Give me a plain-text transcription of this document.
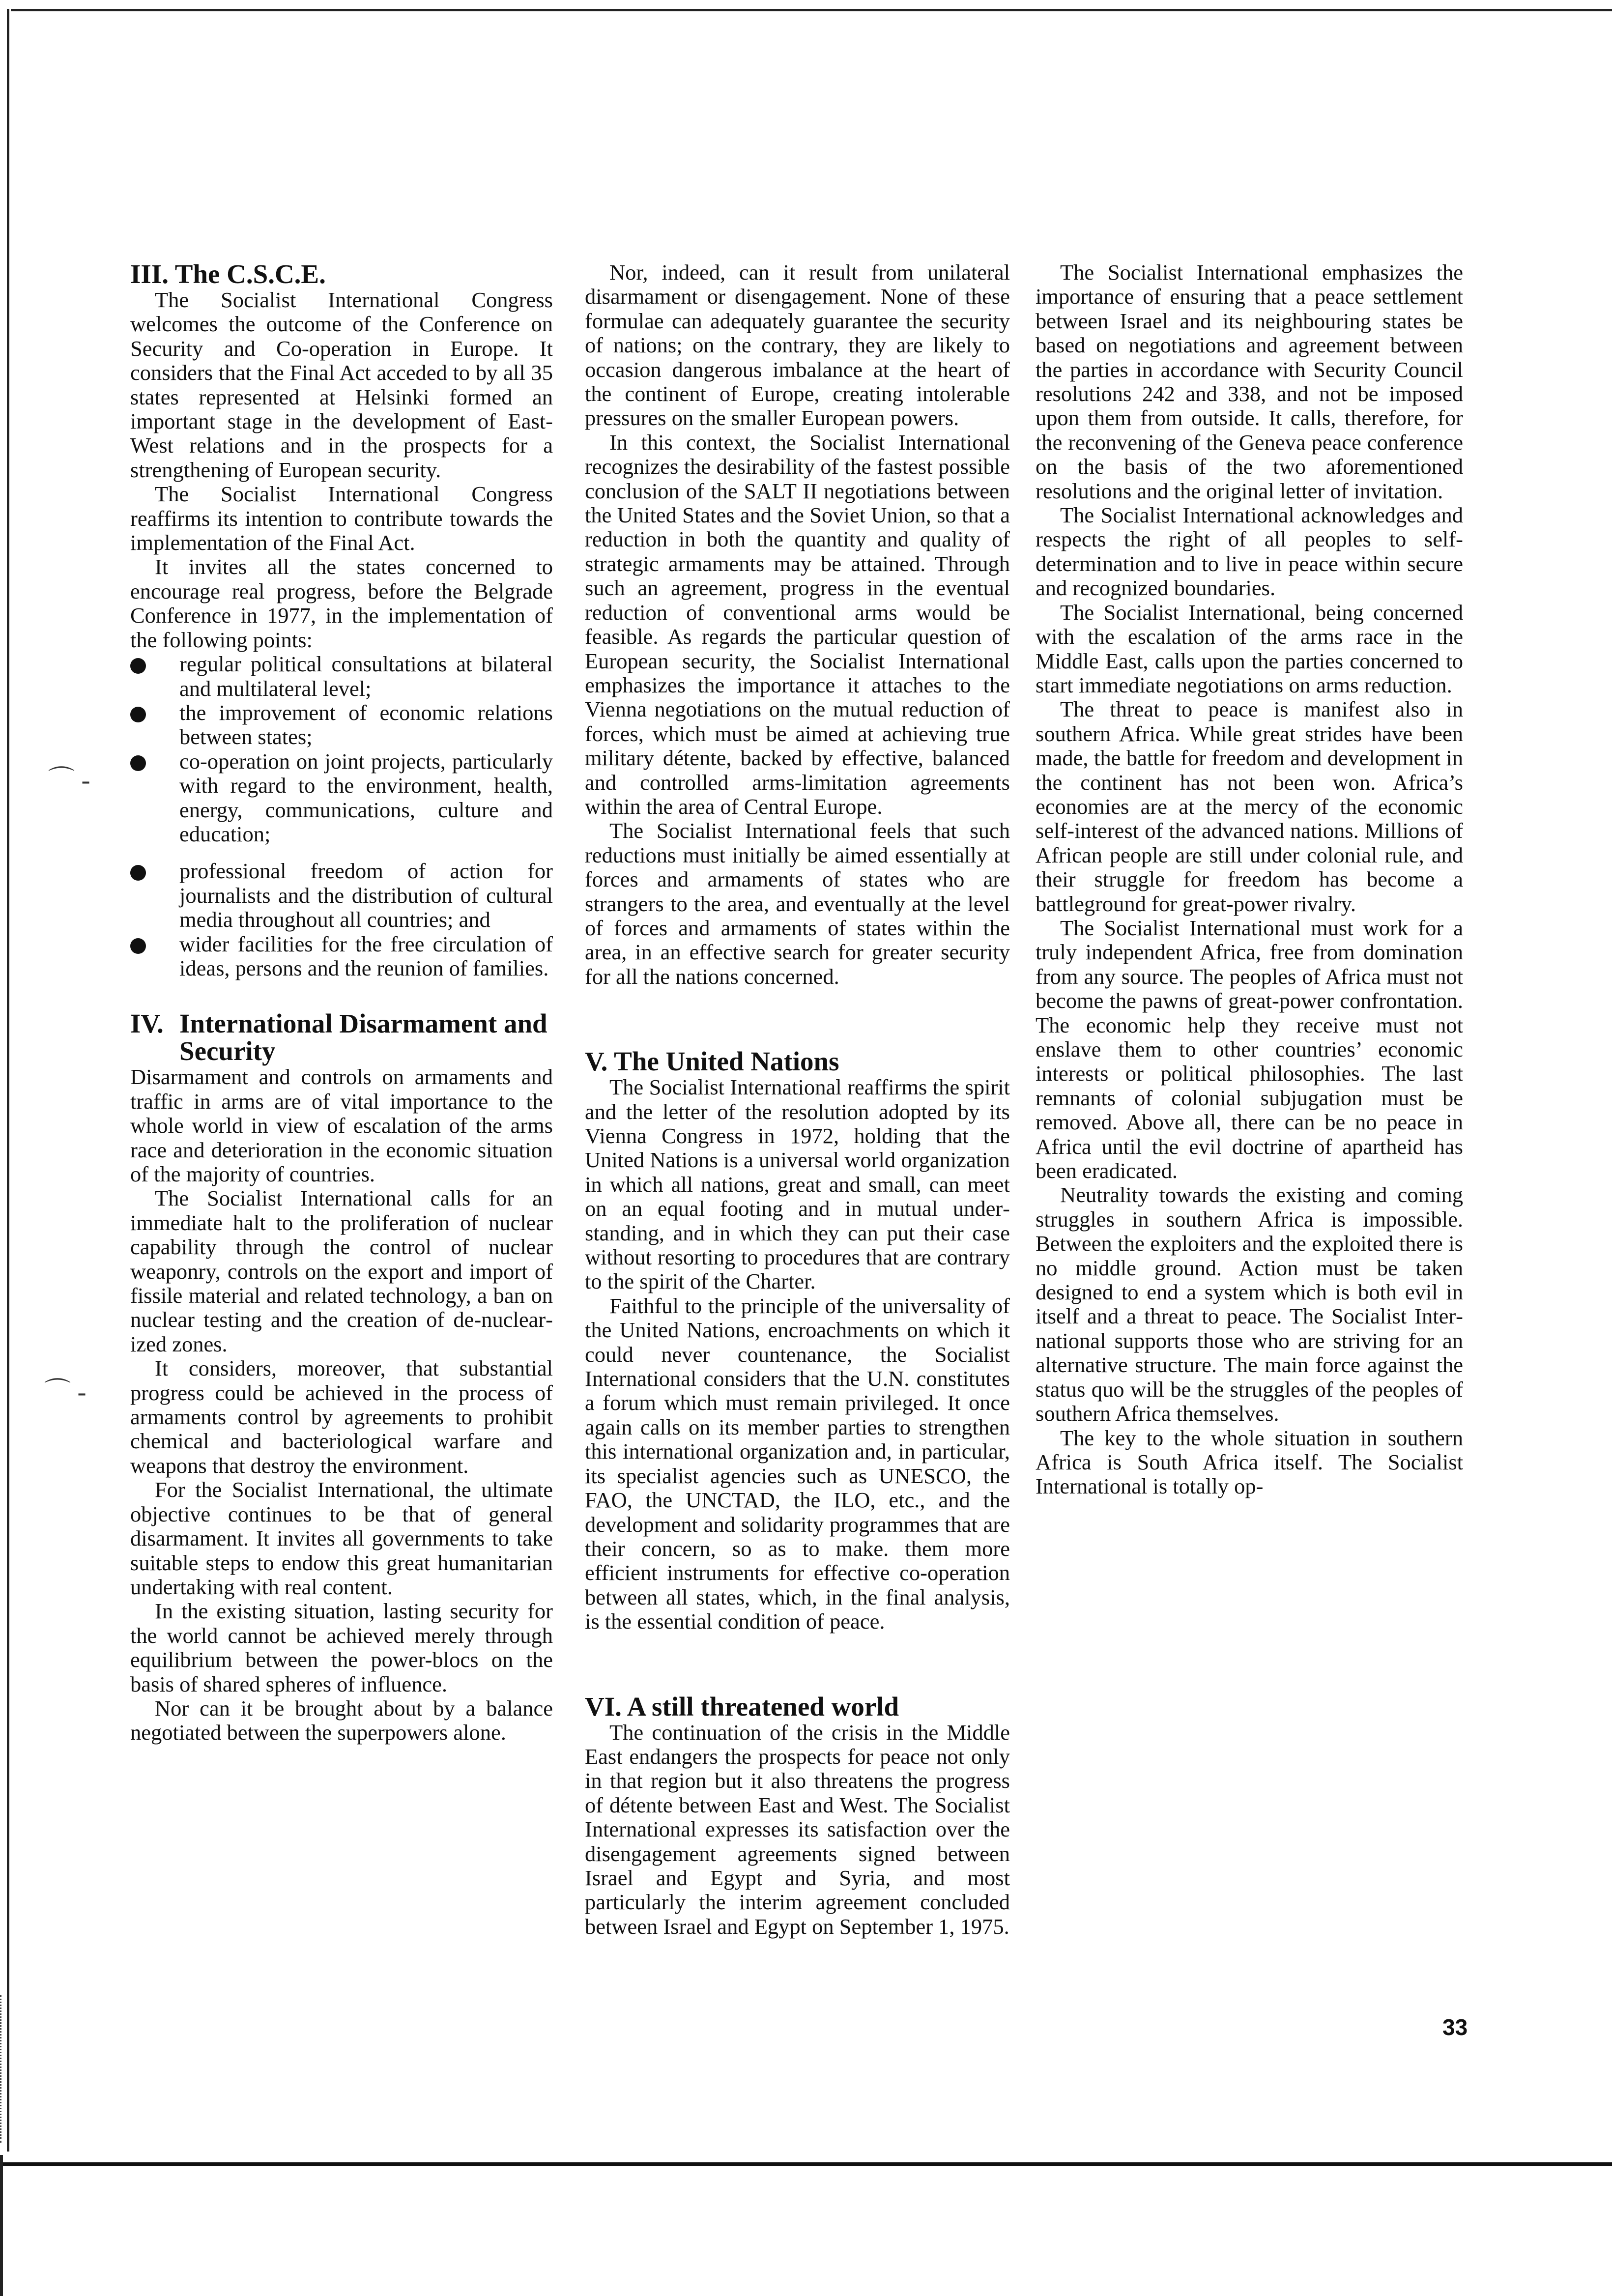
⌒ -
⌒ -
III. The C.S.C.E.

The Socialist International Congress welcomes the outcome of the Conference on Security and Co-operation in Europe. It considers that the Final Act acceded to by all 35 states represented at Helsinki formed an important stage in the development of East-West relations and in the prospects for a strengthening of European security.

The Socialist International Congress reaffirms its intention to contribute towards the implementation of the Final Act.

It invites all the states concerned to encourage real progress, before the Belgrade Conference in 1977, in the implementation of the following points:

regular political consultations at bilateral and multilateral level;
the improvement of economic relations between states;
co-operation on joint projects, particularly with regard to the environment, health, energy, communications, culture and education;
professional freedom of action for journalists and the distribution of cultural media throughout all countries; and
wider facilities for the free circulation of ideas, persons and the reunion of families.
IV. International Disarmament and Security

Disarmament and controls on armaments and traffic in arms are of vital importance to the whole world in view of escalation of the arms race and deterioration in the economic situation of the majority of countries.

The Socialist International calls for an immediate halt to the proliferation of nuclear capability through the control of nuclear weaponry, controls on the export and import of fissile material and related technology, a ban on nuclear testing and the creation of de-nuclearized zones.

It considers, moreover, that substantial progress could be achieved in the process of armaments control by agreements to prohibit chemical and bacteriological warfare and weapons that destroy the environment.

For the Socialist International, the ultimate objective continues to be that of general disarmament. It invites all governments to take suitable steps to endow this great humanitarian undertaking with real content.

In the existing situation, lasting security for the world cannot be achieved merely through equilibrium between the power-blocs on the basis of shared spheres of influence.

Nor can it be brought about by a balance negotiated between the superpowers alone.

Nor, indeed, can it result from unilateral disarmament or disengagement. None of these formulae can adequately guarantee the security of nations; on the contrary, they are likely to occasion dangerous imbalance at the heart of the continent of Europe, creating intolerable pressures on the smaller European powers.

In this context, the Socialist International recognizes the desirability of the fastest possible conclusion of the SALT II negotiations between the United States and the Soviet Union, so that a reduction in both the quantity and quality of strategic armaments may be attained. Through such an agreement, progress in the eventual reduction of conventional arms would be feasible. As regards the particular question of European security, the Socialist International emphasizes the importance it attaches to the Vienna negotiations on the mutual reduction of forces, which must be aimed at achieving true military détente, backed by effective, balanced and controlled arms-limitation agreements within the area of Central Europe.

The Socialist International feels that such reductions must initially be aimed essentially at forces and armaments of states who are strangers to the area, and eventually at the level of forces and armaments of states within the area, in an effective search for greater security for all the nations concerned.

V. The United Nations

The Socialist International reaffirms the spirit and the letter of the resolution adopted by its Vienna Congress in 1972, holding that the United Nations is a universal world organization in which all nations, great and small, can meet on an equal footing and in mutual understanding, and in which they can put their case without resorting to procedures that are contrary to the spirit of the Charter.

Faithful to the principle of the universality of the United Nations, encroachments on which it could never countenance, the Socialist International considers that the U.N. constitutes a forum which must remain privileged. It once again calls on its member parties to strengthen this international organization and, in particular, its specialist agencies such as UNESCO, the FAO, the UNCTAD, the ILO, etc., and the development and solidarity programmes that are their concern, so as to make. them more efficient instruments for effective co-operation between all states, which, in the final analysis, is the essential condition of peace.

VI. A still threatened world

The continuation of the crisis in the Middle East endangers the prospects for peace not only in that region but it also threatens the progress of détente between East and West. The Socialist International expresses its satisfaction over the disengagement agreements signed between Israel and Egypt and Syria, and most particularly the interim agreement concluded between Israel and Egypt on September 1, 1975.

The Socialist International emphasizes the importance of ensuring that a peace settlement between Israel and its neighbouring states be based on negotiations and agreement between the parties in accordance with Security Council resolutions 242 and 338, and not be imposed upon them from outside. It calls, therefore, for the reconvening of the Geneva peace conference on the basis of the two aforementioned resolutions and the original letter of invitation.

The Socialist International acknowledges and respects the right of all peoples to self-determination and to live in peace within secure and recognized boundaries.

The Socialist International, being concerned with the escalation of the arms race in the Middle East, calls upon the parties concerned to start immediate negotiations on arms reduction.

The threat to peace is manifest also in southern Africa. While great strides have been made, the battle for freedom and development in the continent has not been won. Africa’s economies are at the mercy of the economic self-interest of the advanced nations. Millions of African people are still under colonial rule, and their struggle for freedom has become a battleground for great-power rivalry.

The Socialist International must work for a truly independent Africa, free from domination from any source. The peoples of Africa must not become the pawns of great-power confrontation. The economic help they receive must not enslave them to other countries’ economic interests or political philosophies. The last remnants of colonial subjugation must be removed. Above all, there can be no peace in Africa until the evil doctrine of apartheid has been eradicated.

Neutrality towards the existing and coming struggles in southern Africa is impossible. Between the exploiters and the exploited there is no middle ground. Action must be taken designed to end a system which is both evil in itself and a threat to peace. The Socialist International supports those who are striving for an alternative structure. The main force against the status quo will be the struggles of the peoples of southern Africa themselves.

The key to the whole situation in southern Africa is South Africa itself. The Socialist International is totally op-

33
